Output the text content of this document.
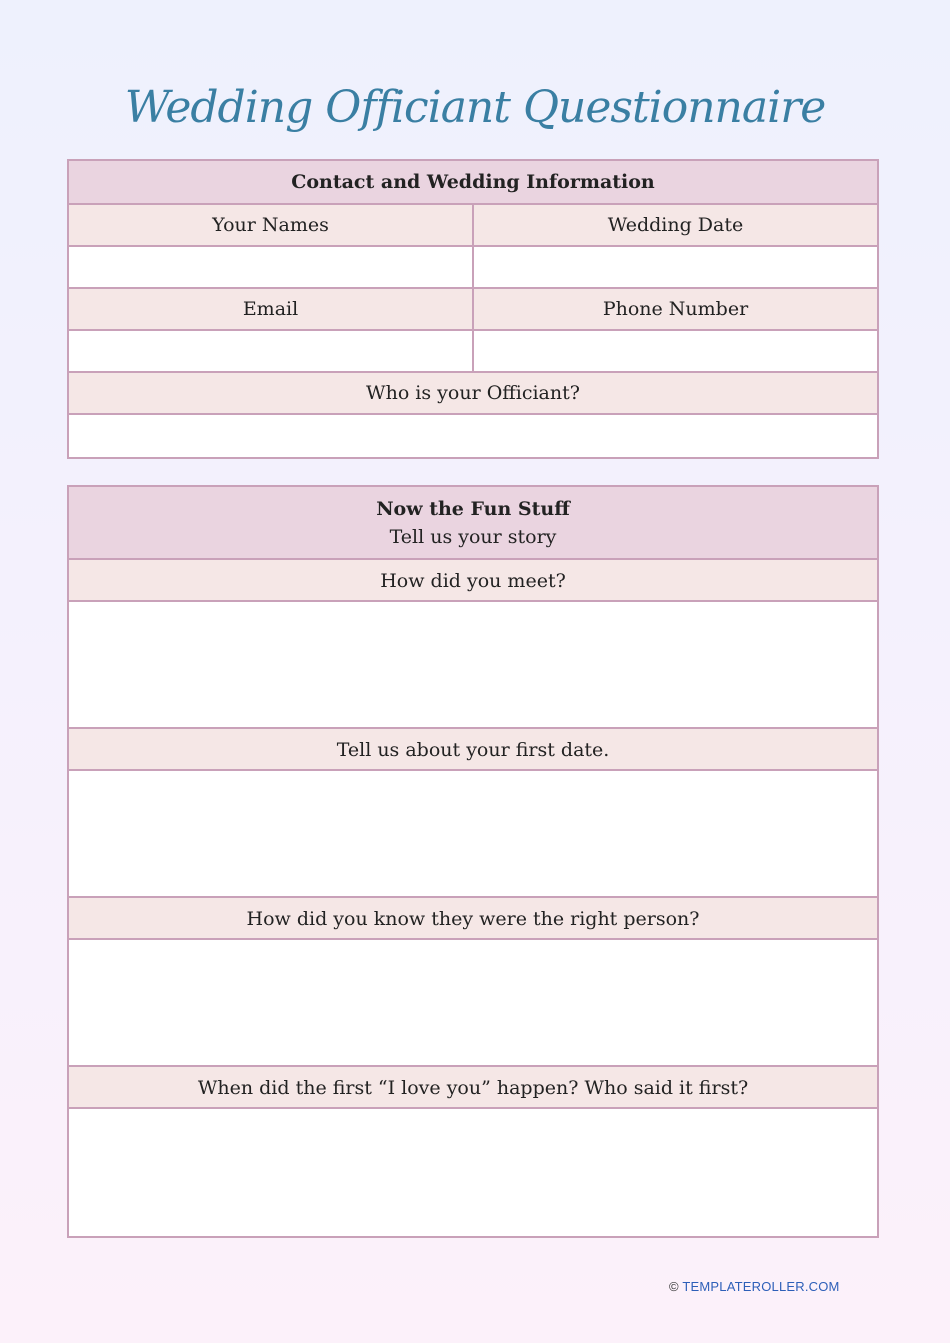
Wedding Officiant Questionnaire
Contact and Wedding Information
Your Names	Wedding Date
Email	Phone Number
Who is your Officiant?
Now the Fun Stuff
Tell us your story
How did you meet?
Tell us about your first date.
How did you know they were the right person?
When did the first “I love you” happen? Who said it first?
© TEMPLATEROLLER.COM
